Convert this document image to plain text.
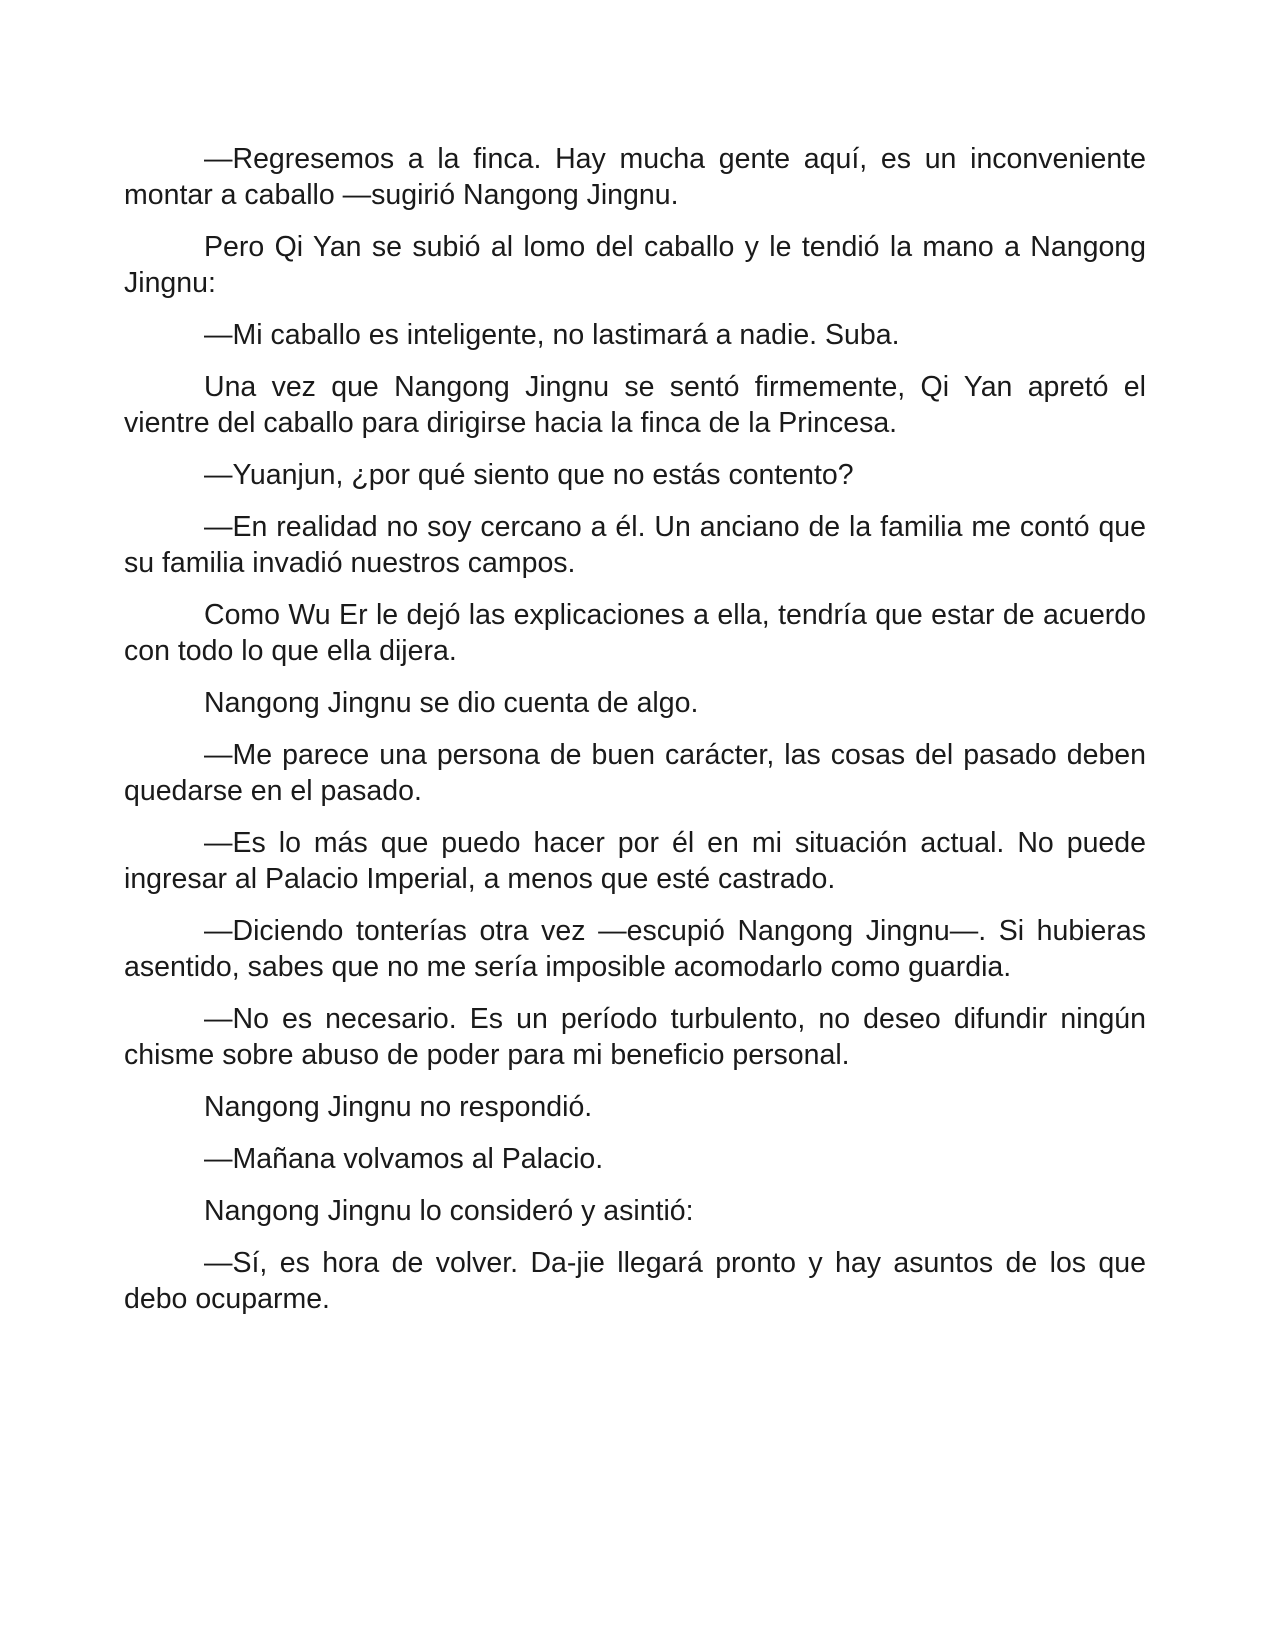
—Regresemos a la finca. Hay mucha gente aquí, es un inconveniente montar a caballo —sugirió Nangong Jingnu.

Pero Qi Yan se subió al lomo del caballo y le tendió la mano a Nangong Jingnu:

—Mi caballo es inteligente, no lastimará a nadie. Suba.

Una vez que Nangong Jingnu se sentó firmemente, Qi Yan apretó el vientre del caballo para dirigirse hacia la finca de la Princesa.

—Yuanjun, ¿por qué siento que no estás contento?

—En realidad no soy cercano a él. Un anciano de la familia me contó que su familia invadió nuestros campos.

Como Wu Er le dejó las explicaciones a ella, tendría que estar de acuerdo con todo lo que ella dijera.

Nangong Jingnu se dio cuenta de algo.

—Me parece una persona de buen carácter, las cosas del pasado deben quedarse en el pasado.

—Es lo más que puedo hacer por él en mi situación actual. No puede ingresar al Palacio Imperial, a menos que esté castrado.

—Diciendo tonterías otra vez —escupió Nangong Jingnu—. Si hubieras asentido, sabes que no me sería imposible acomodarlo como guardia.

—No es necesario. Es un período turbulento, no deseo difundir ningún chisme sobre abuso de poder para mi beneficio personal.

Nangong Jingnu no respondió.

—Mañana volvamos al Palacio.

Nangong Jingnu lo consideró y asintió:

—Sí, es hora de volver. Da-jie llegará pronto y hay asuntos de los que debo ocuparme.
